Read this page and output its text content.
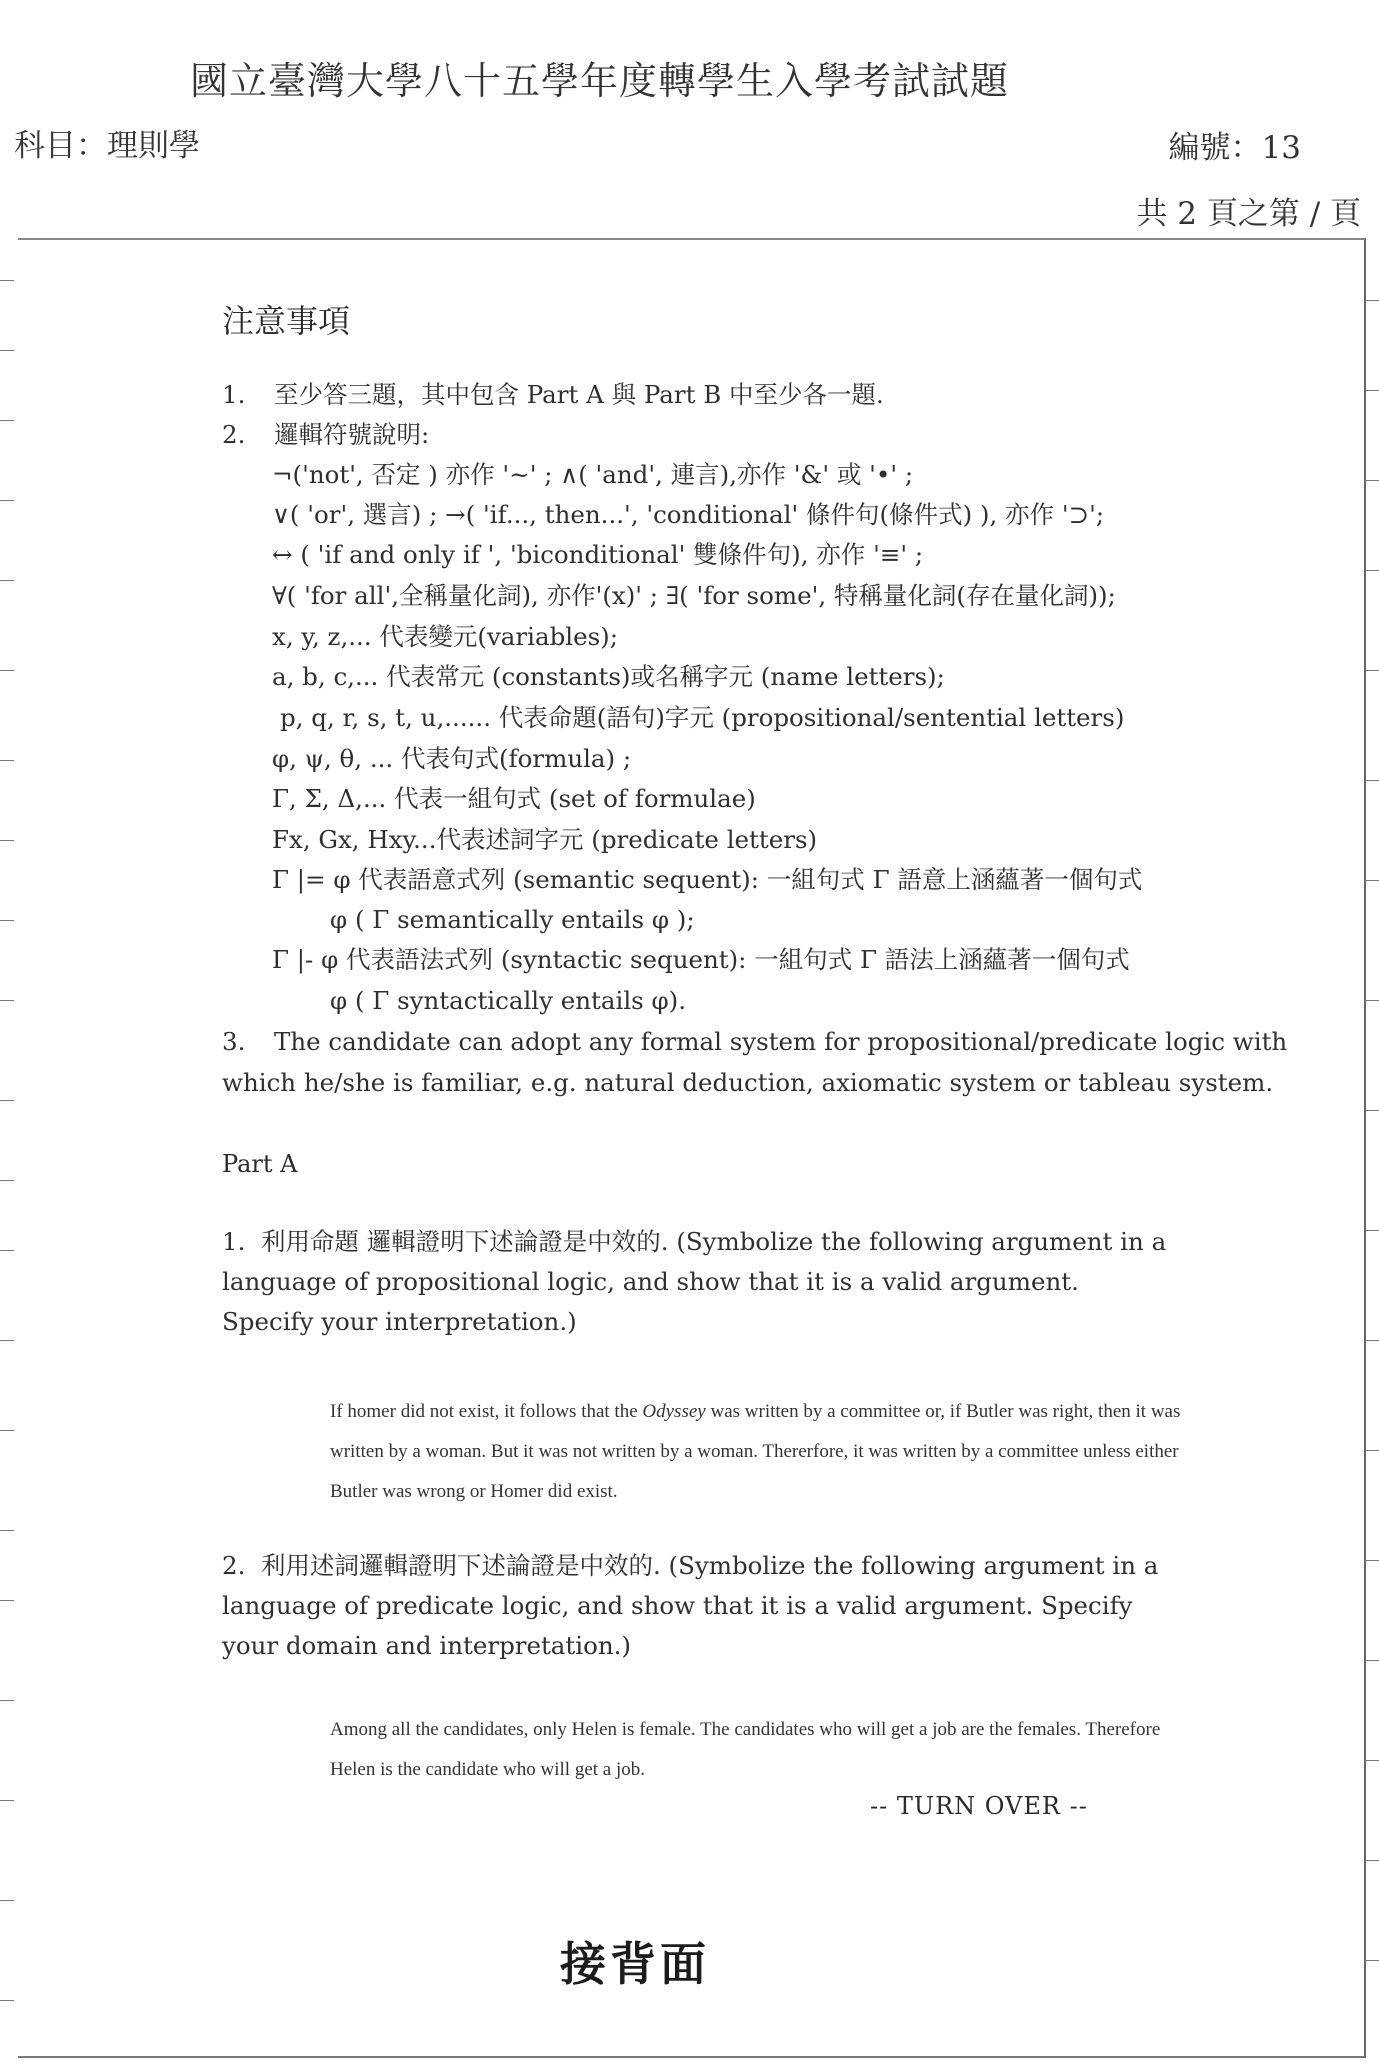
國立臺灣大學八十五學年度轉學生入學考試試題
科目：理則學	編號：13
共 2 頁之第 / 頁
注意事項
1. 至少答三題，其中包含 Part A 與 Part B 中至少各一題.
2. 邏輯符號說明:
¬('not', 否定 ) 亦作 '~' ; ∧( 'and', 連言),亦作 '&' 或 '•' ;
∨( 'or', 選言) ; →( 'if..., then...', 'conditional' 條件句(條件式) ), 亦作 '⊃';
↔ ( 'if and only if ', 'biconditional' 雙條件句), 亦作 '≡' ;
∀( 'for all',全稱量化詞), 亦作'(x)' ; ∃( 'for some', 特稱量化詞(存在量化詞));
x, y, z,... 代表變元(variables);
a, b, c,... 代表常元 (constants)或名稱字元 (name letters);
p, q, r, s, t, u,...... 代表命題(語句)字元 (propositional/sentential letters)
φ, ψ, θ, ... 代表句式(formula) ;
Γ, Σ, Δ,... 代表一組句式 (set of formulae)
Fx, Gx, Hxy...代表述詞字元 (predicate letters)
Γ |= φ 代表語意式列 (semantic sequent): 一組句式 Γ 語意上涵蘊著一個句式
φ ( Γ semantically entails φ );
Γ |- φ 代表語法式列 (syntactic sequent): 一組句式 Γ 語法上涵蘊著一個句式
φ ( Γ syntactically entails φ).
3. The candidate can adopt any formal system for propositional/predicate logic with
which he/she is familiar, e.g. natural deduction, axiomatic system or tableau system.
Part A
1. 利用命題 邏輯證明下述論證是中效的. (Symbolize the following argument in a language of propositional logic, and show that it is a valid argument. Specify your interpretation.)
If homer did not exist, it follows that the Odyssey was written by a committee or, if Butler was right, then it was written by a woman. But it was not written by a woman. Thererfore, it was written by a committee unless either Butler was wrong or Homer did exist.
2. 利用述詞邏輯證明下述論證是中效的. (Symbolize the following argument in a language of predicate logic, and show that it is a valid argument. Specify your domain and interpretation.)
Among all the candidates, only Helen is female. The candidates who will get a job are the females. Therefore Helen is the candidate who will get a job.
-- TURN OVER --
接背面
